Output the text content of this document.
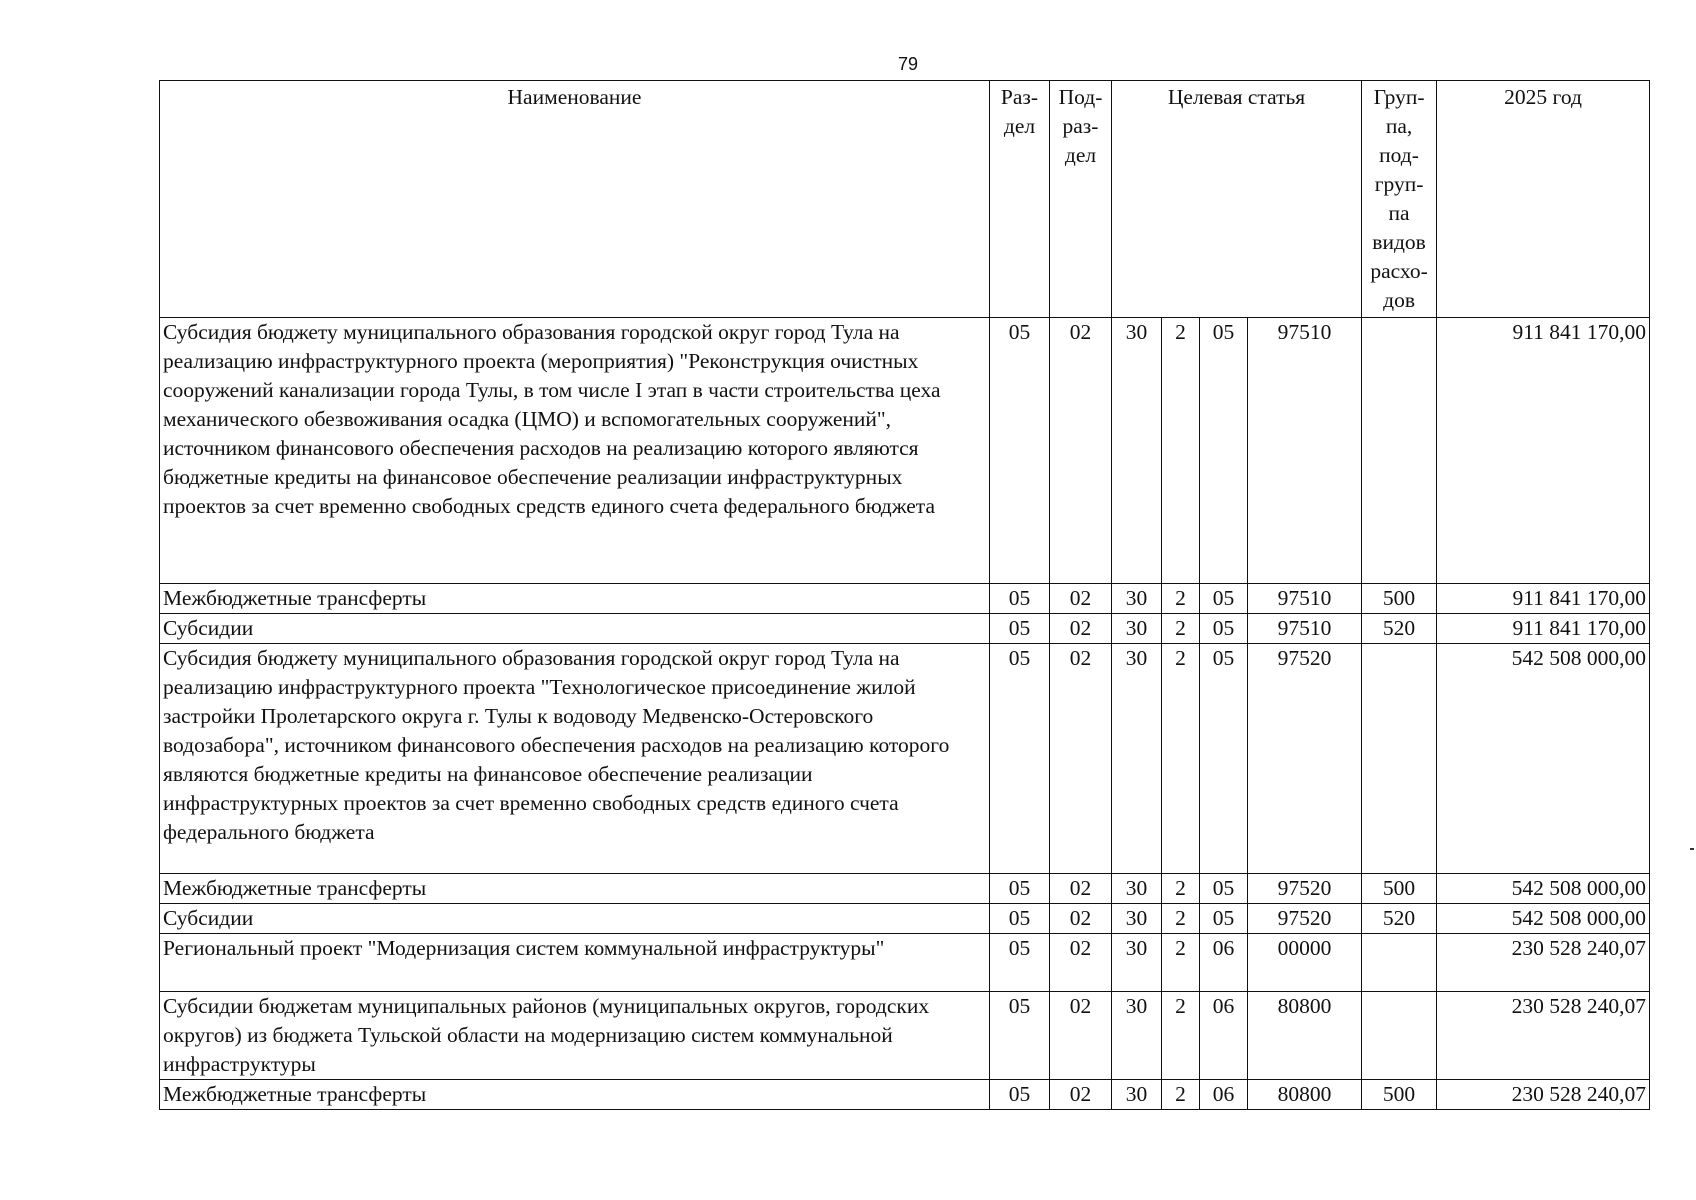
79
Наименование	Раз-дел	Под-раз-дел	Целевая статья				Груп-па, под-груп-па видов расхо-дов	2025 год
Субсидия бюджету муниципального образования городской округ город Тула на реализацию инфраструктурного проекта (мероприятия) "Реконструкция очистных сооружений канализации города Тулы, в том числе I этап в части строительства цеха механического обезвоживания осадка (ЦМО) и вспомогательных сооружений", источником финансового обеспечения расходов на реализацию которого являются бюджетные кредиты на финансовое обеспечение реализации инфраструктурных проектов за счет временно свободных средств единого счета федерального бюджета	05	02	30	2	05	97510		911 841 170,00
Межбюджетные трансферты	05	02	30	2	05	97510	500	911 841 170,00
Субсидии	05	02	30	2	05	97510	520	911 841 170,00
Субсидия бюджету муниципального образования городской округ город Тула на реализацию инфраструктурного проекта "Технологическое присоединение жилой застройки Пролетарского округа г. Тулы к водоводу Медвенско-Остеровского водозабора", источником финансового обеспечения расходов на реализацию которого являются бюджетные кредиты на финансовое обеспечение реализации инфраструктурных проектов за счет временно свободных средств единого счета федерального бюджета	05	02	30	2	05	97520		542 508 000,00
Межбюджетные трансферты	05	02	30	2	05	97520	500	542 508 000,00
Субсидии	05	02	30	2	05	97520	520	542 508 000,00
Региональный проект "Модернизация систем коммунальной инфраструктуры"	05	02	30	2	06	00000		230 528 240,07
Субсидии бюджетам муниципальных районов (муниципальных округов, городских округов) из бюджета Тульской области на модернизацию систем коммунальной инфраструктуры	05	02	30	2	06	80800		230 528 240,07
Межбюджетные трансферты	05	02	30	2	06	80800	500	230 528 240,07
